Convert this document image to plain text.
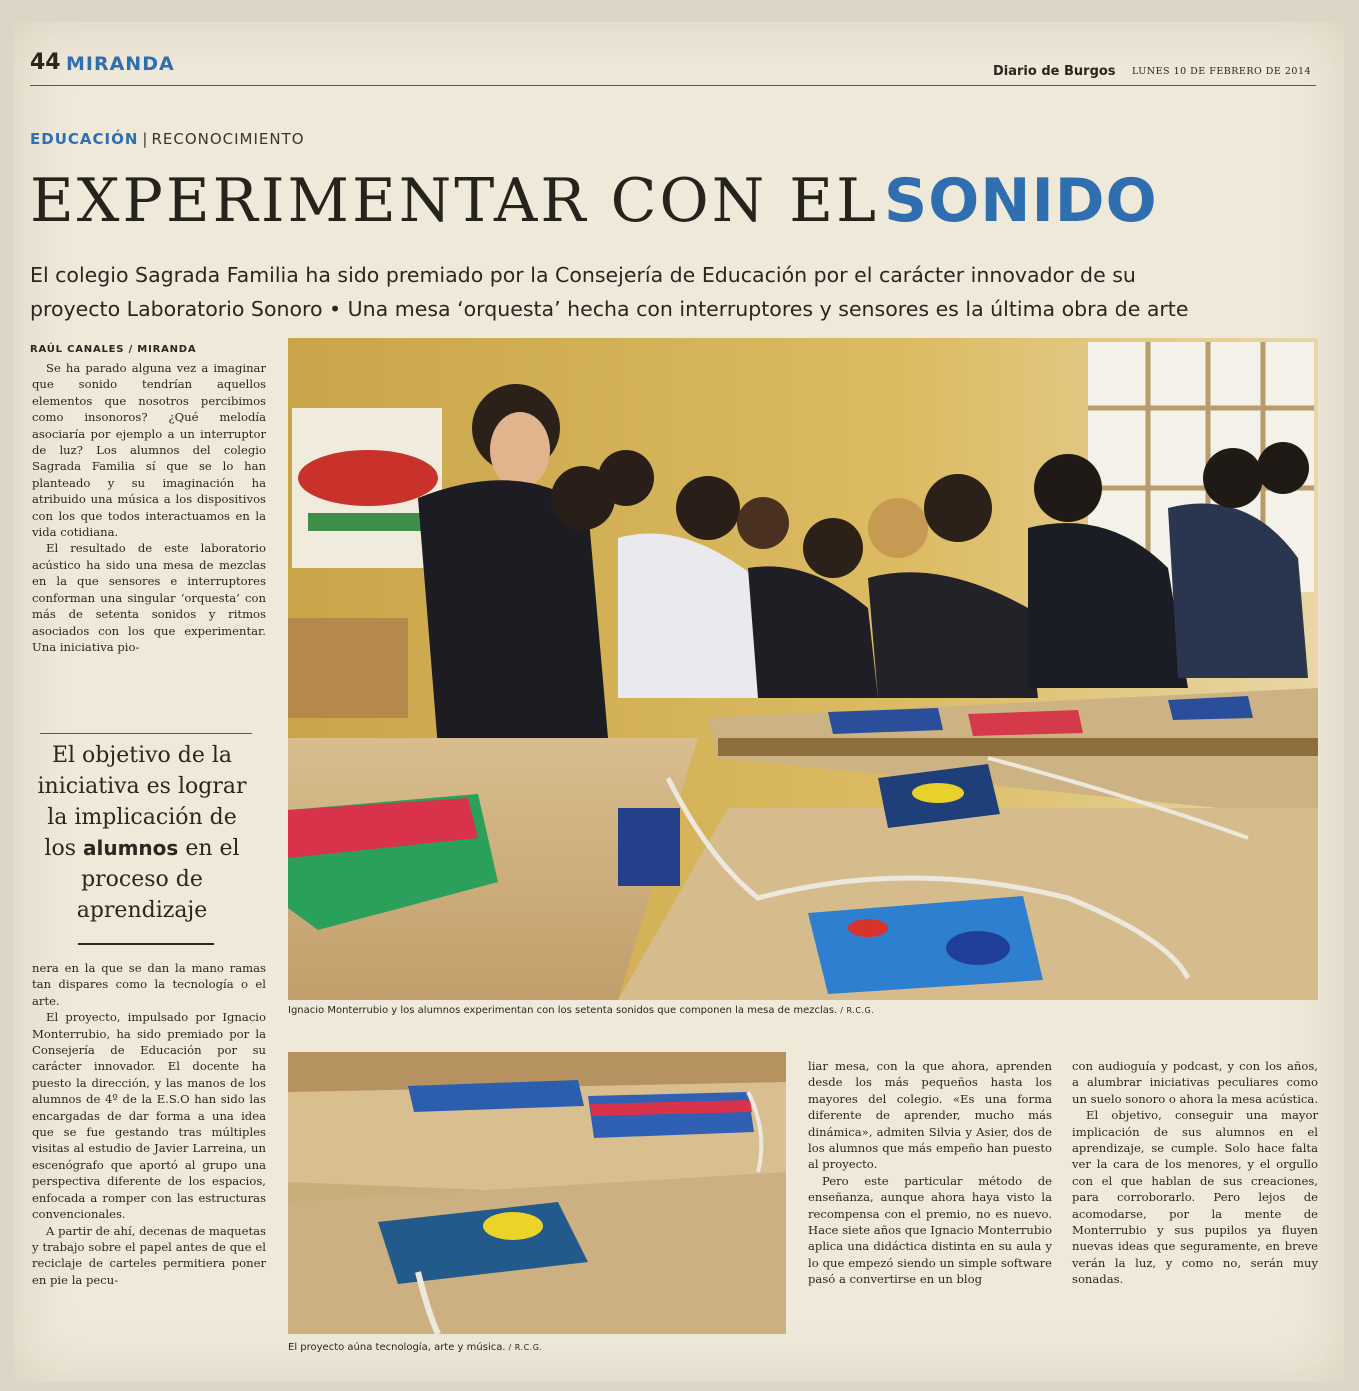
44 MIRANDA	Diario de Burgos LUNES 10 DE FEBRERO DE 2014
EDUCACIÓN | RECONOCIMIENTO
EXPERIMENTAR CON EL SONIDO
El colegio Sagrada Familia ha sido premiado por la Consejería de Educación por el carácter innovador de su
proyecto Laboratorio Sonoro • Una mesa ‘orquesta’ hecha con interruptores y sensores es la última obra de arte
RAÚL CANALES / MIRANDA

Se ha parado alguna vez a imaginar que sonido tendrían aquellos elementos que nosotros percibimos como insonoros? ¿Qué melodía asociaría por ejemplo a un interruptor de luz? Los alumnos del colegio Sagrada Familia sí que se lo han planteado y su imaginación ha atribuido una música a los dispositivos con los que todos interactuamos en la vida cotidiana.

El resultado de este laboratorio acústico ha sido una mesa de mezclas en la que sensores e interruptores conforman una singular ‘orquesta’ con más de setenta sonidos y ritmos asociados con los que experimentar. Una iniciativa pio-

El objetivo de la iniciativa es lograr la implicación de los alumnos en el proceso de aprendizaje

nera en la que se dan la mano ramas tan dispares como la tecnología o el arte.

El proyecto, impulsado por Ignacio Monterrubio, ha sido premiado por la Consejería de Educación por su carácter innovador. El docente ha puesto la dirección, y las manos de los alumnos de 4º de la E.S.O han sido las encargadas de dar forma a una idea que se fue gestando tras múltiples visitas al estudio de Javier Larreina, un escenógrafo que aportó al grupo una perspectiva diferente de los espacios, enfocada a romper con las estructuras convencionales.

A partir de ahí, decenas de maquetas y trabajo sobre el papel antes de que el reciclaje de carteles permitiera poner en pie la pecu-

Ignacio Monterrubio y los alumnos experimentan con los setenta sonidos que componen la mesa de mezclas. / R.C.G.
El proyecto aúna tecnología, arte y música. / R.C.G.

liar mesa, con la que ahora, aprenden desde los más pequeños hasta los mayores del colegio. «Es una forma diferente de aprender, mucho más dinámica», admiten Silvia y Asier, dos de los alumnos que más empeño han puesto al proyecto.

Pero este particular método de enseñanza, aunque ahora haya visto la recompensa con el premio, no es nuevo. Hace siete años que Ignacio Monterrubio aplica una didáctica distinta en su aula y lo que empezó siendo un simple software pasó a convertirse en un blog

con audioguía y podcast, y con los años, a alumbrar iniciativas peculiares como un suelo sonoro o ahora la mesa acústica.

El objetivo, conseguir una mayor implicación de sus alumnos en el aprendizaje, se cumple. Solo hace falta ver la cara de los menores, y el orgullo con el que hablan de sus creaciones, para corroborarlo. Pero lejos de acomodarse, por la mente de Monterrubio y sus pupilos ya fluyen nuevas ideas que seguramente, en breve verán la luz, y como no, serán muy sonadas.
